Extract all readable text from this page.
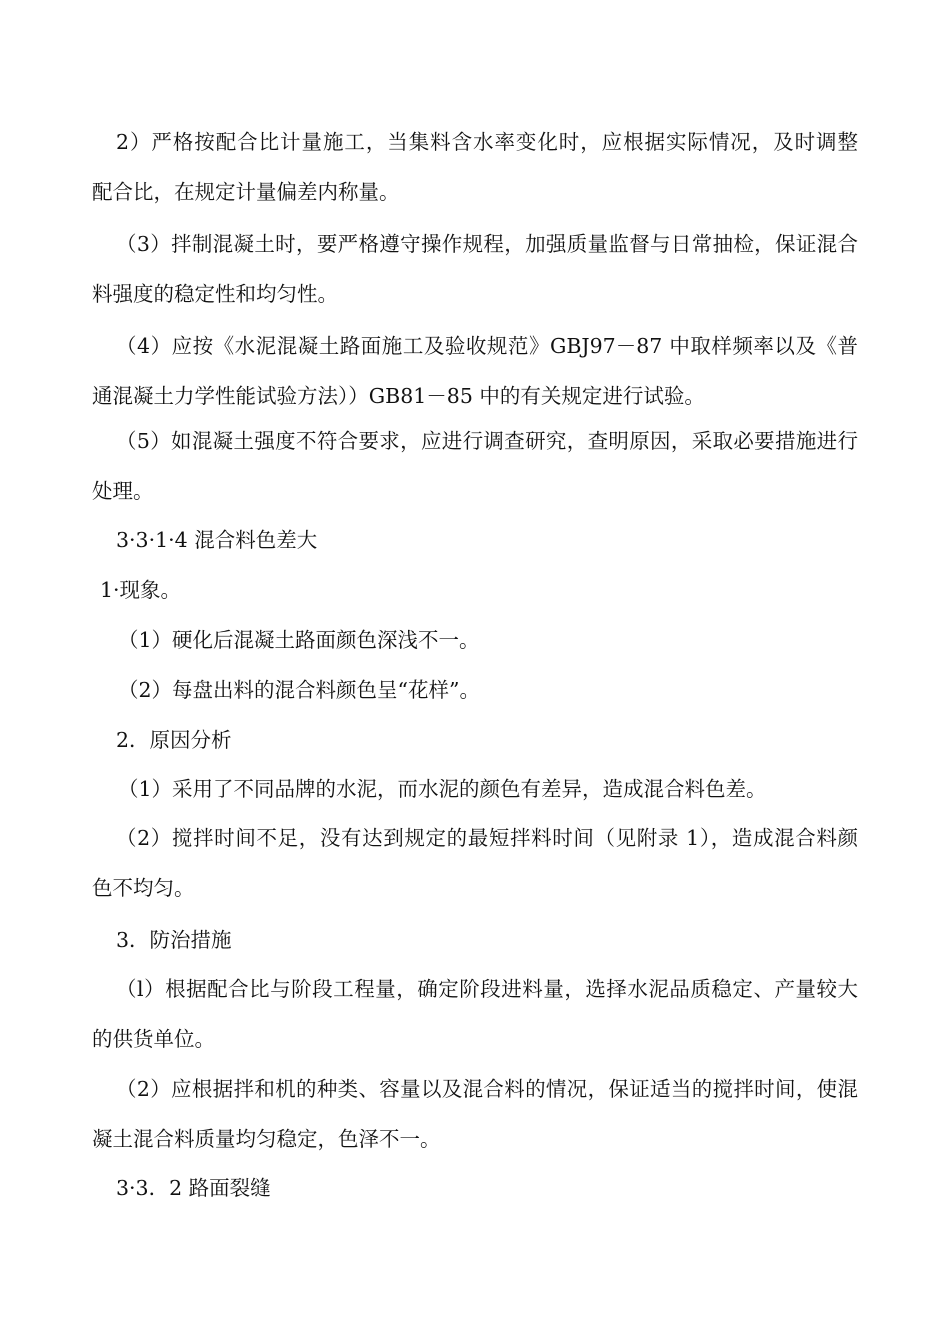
2）严格按配合比计量施工，当集料含水率变化时，应根据实际情况，及时调整
配合比，在规定计量偏差内称量。
（3）拌制混凝土时，要严格遵守操作规程，加强质量监督与日常抽检，保证混合
料强度的稳定性和均匀性。
（4）应按《水泥混凝土路面施工及验收规范》GBJ97－87 中取样频率以及《普
通混凝土力学性能试验方法））GB81－85 中的有关规定进行试验。
（5）如混凝土强度不符合要求，应进行调查研究，查明原因，采取必要措施进行
处理。
3·3·1·4 混合料色差大
1·现象。
（1）硬化后混凝土路面颜色深浅不一。
（2）每盘出料的混合料颜色呈“花样”。
2．原因分析
（1）采用了不同品牌的水泥，而水泥的颜色有差异，造成混合料色差。
（2）搅拌时间不足，没有达到规定的最短拌料时间（见附录 1），造成混合料颜
色不均匀。
3．防治措施
（l）根据配合比与阶段工程量，确定阶段进料量，选择水泥品质稳定、产量较大
的供货单位。
（2）应根据拌和机的种类、容量以及混合料的情况，保证适当的搅拌时间，使混
凝土混合料质量均匀稳定，色泽不一。
3·3．2 路面裂缝
